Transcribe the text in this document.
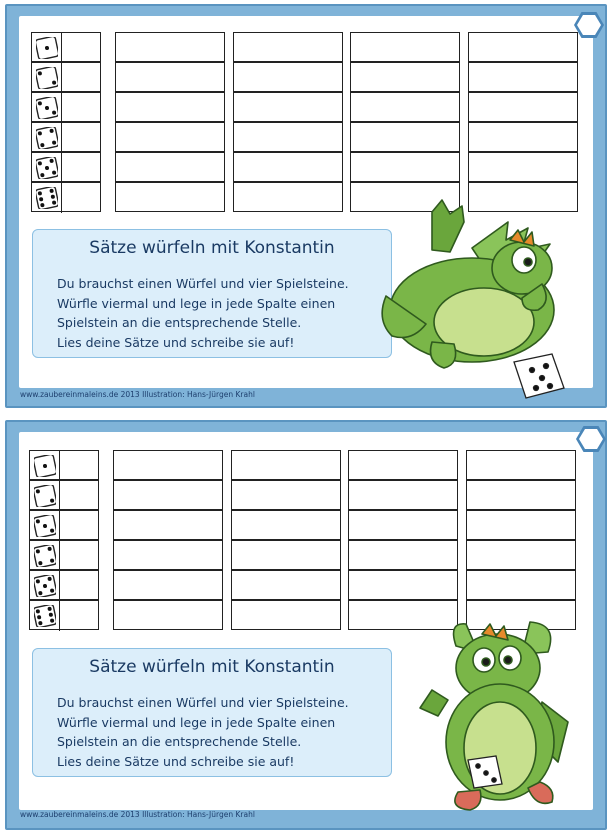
Sätze würfeln mit Konstantin
Du brauchst einen Würfel und vier Spielsteine.
Würfle viermal und lege in jede Spalte einen
Spielstein an die entsprechende Stelle.
Lies deine Sätze und schreibe sie auf!
www.zaubereinmaleins.de 2013 Illustration: Hans-Jürgen Krahl
Sätze würfeln mit Konstantin
Du brauchst einen Würfel und vier Spielsteine.
Würfle viermal und lege in jede Spalte einen
Spielstein an die entsprechende Stelle.
Lies deine Sätze und schreibe sie auf!
www.zaubereinmaleins.de 2013 Illustration: Hans-Jürgen Krahl
